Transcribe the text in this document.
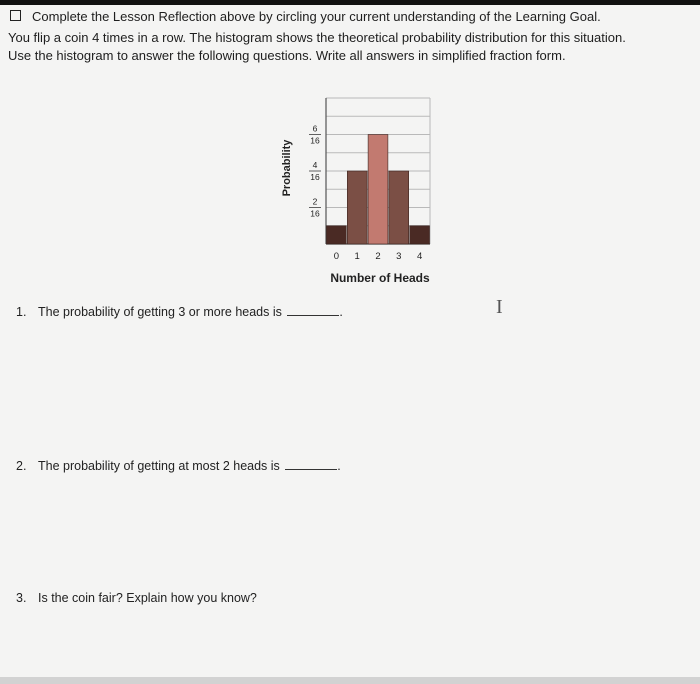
Complete the Lesson Reflection above by circling your current understanding of the Learning Goal.
You flip a coin 4 times in a row. The histogram shows the theoretical probability distribution for this situation.
Use the histogram to answer the following questions. Write all answers in simplified fraction form.
0 1 2 3 4
6
16
4
16
2
16
Probability
Number of Heads
1. The probability of getting 3 or more heads is	.	I
2. The probability of getting at most 2 heads is	.
3. Is the coin fair? Explain how you know?
